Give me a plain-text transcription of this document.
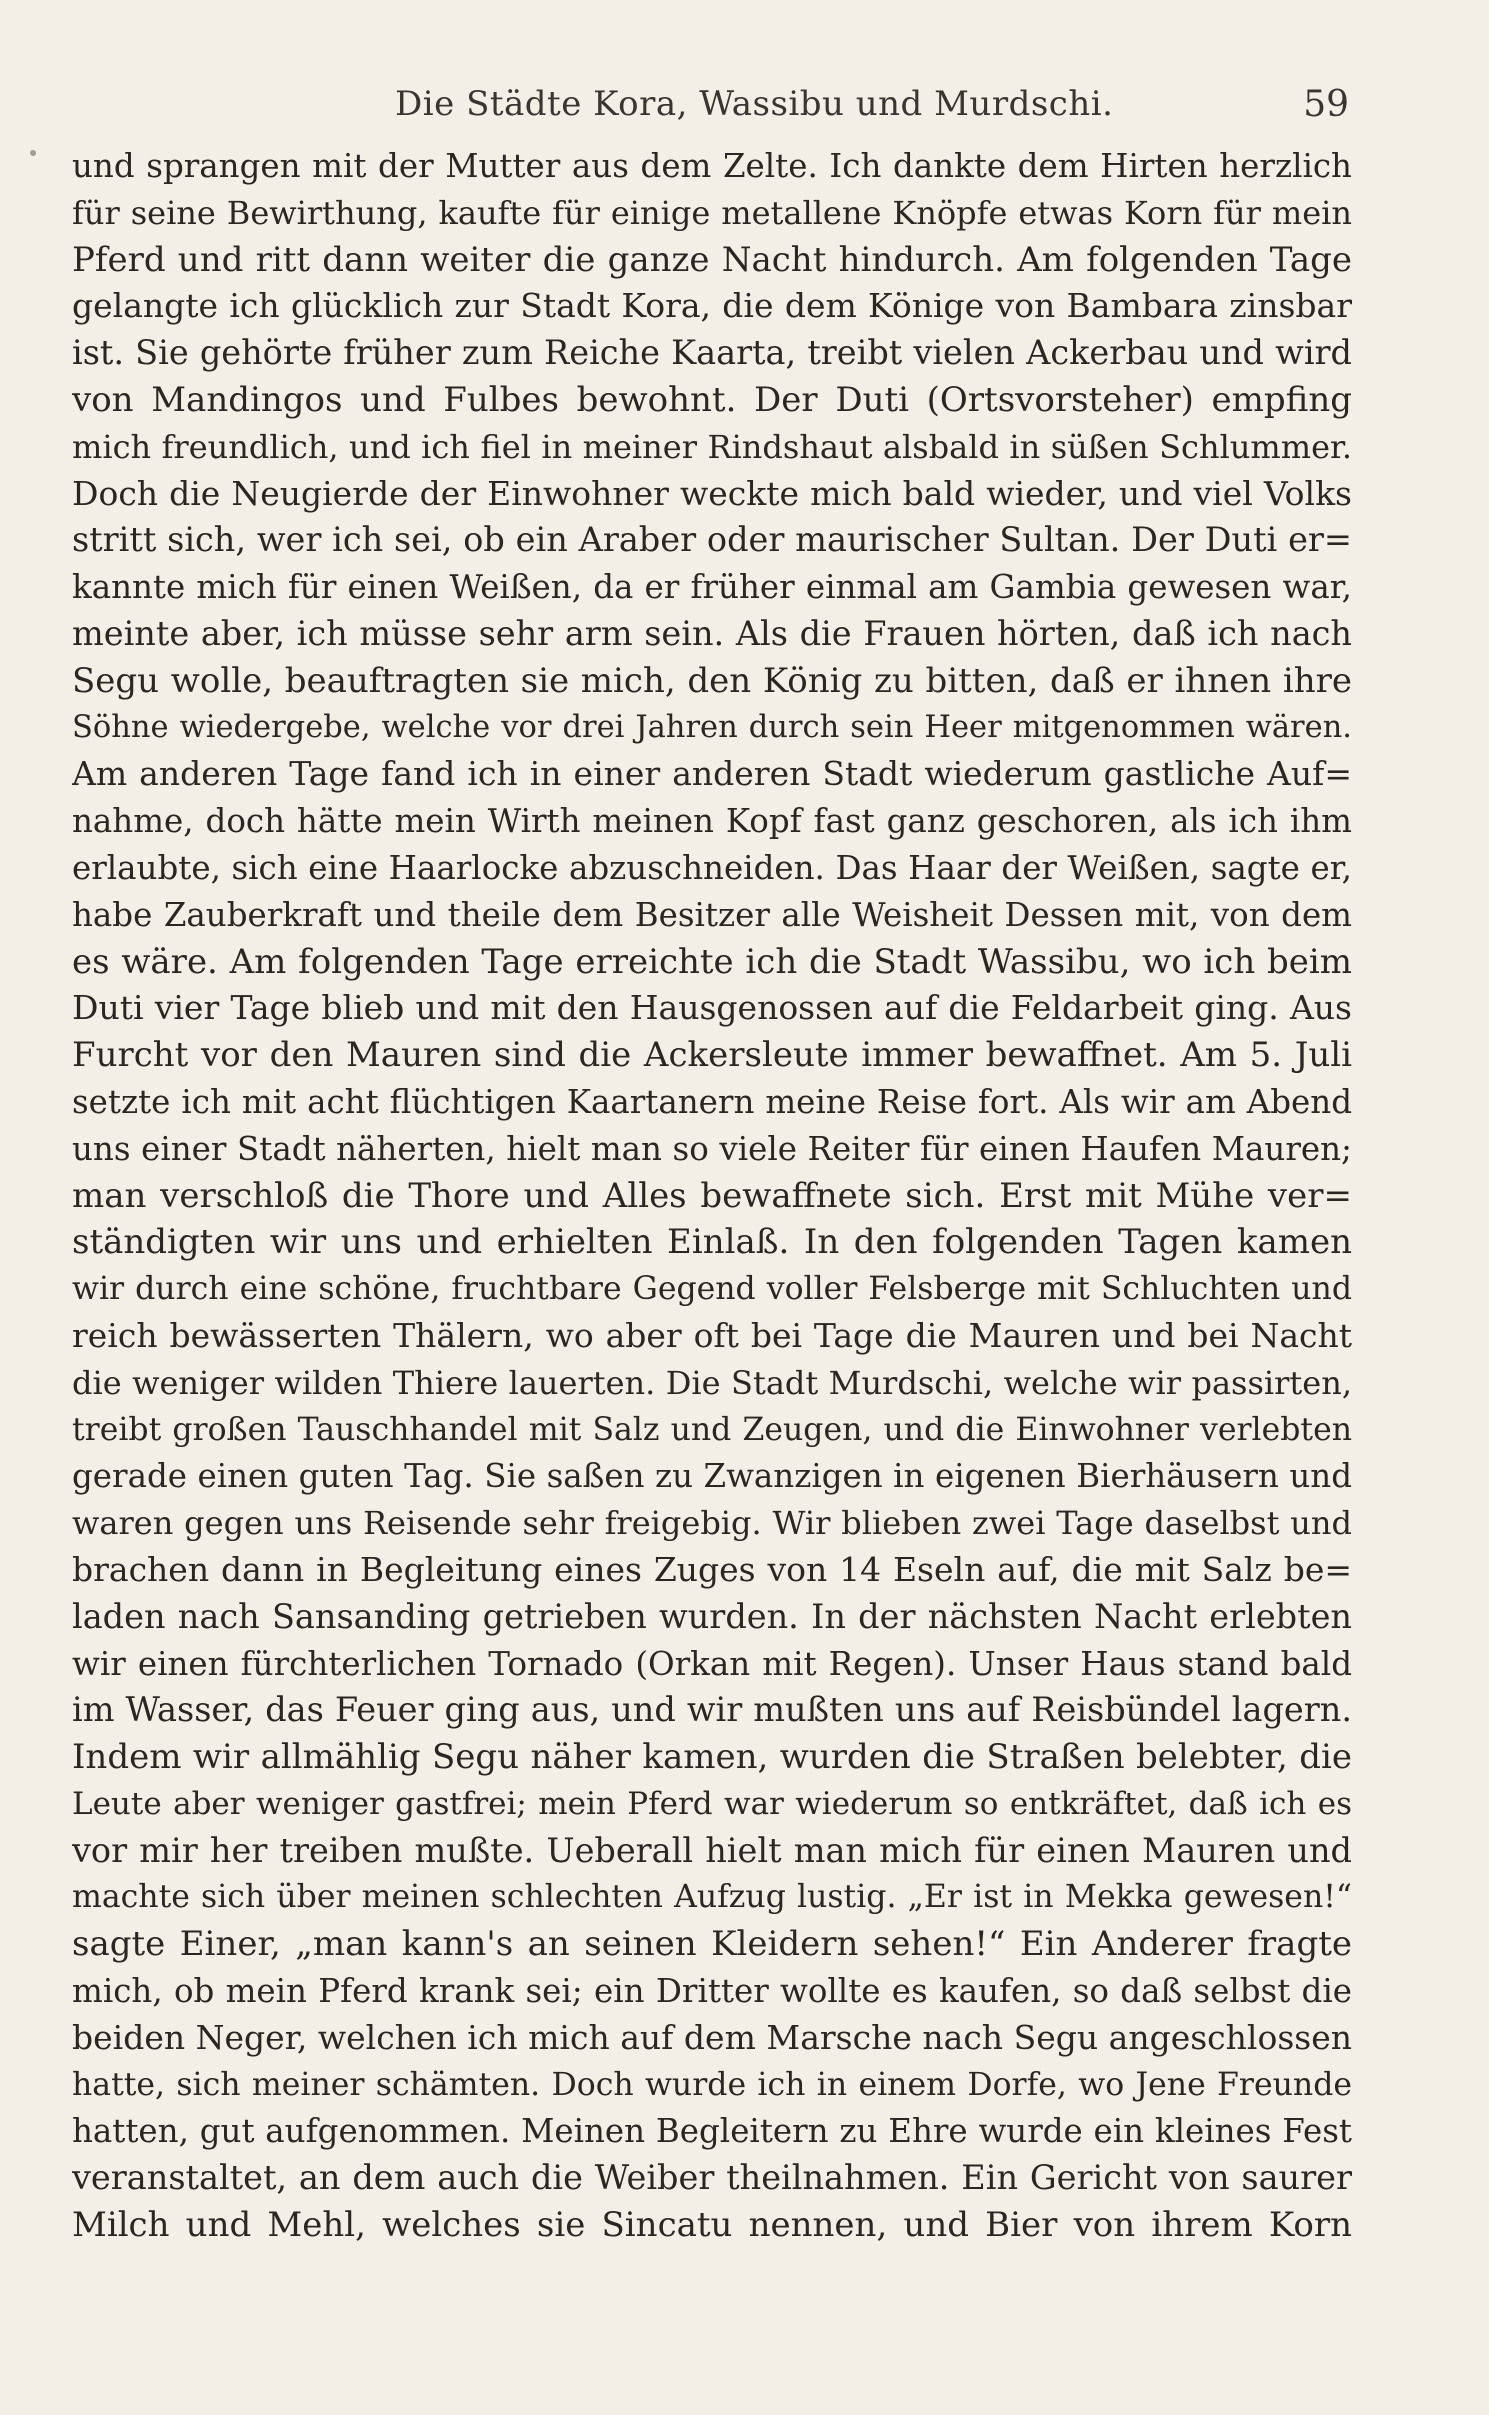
Die Städte Kora, Wassibu und Murdschi.	59
und sprangen mit der Mutter aus dem Zelte. Ich dankte dem Hirten herzlich
für seine Bewirthung, kaufte für einige metallene Knöpfe etwas Korn für mein
Pferd und ritt dann weiter die ganze Nacht hindurch. Am folgenden Tage
gelangte ich glücklich zur Stadt Kora, die dem Könige von Bambara zinsbar
ist. Sie gehörte früher zum Reiche Kaarta, treibt vielen Ackerbau und wird
von Mandingos und Fulbes bewohnt. Der Duti (Ortsvorsteher) empfing
mich freundlich, und ich fiel in meiner Rindshaut alsbald in süßen Schlummer.
Doch die Neugierde der Einwohner weckte mich bald wieder, und viel Volks
stritt sich, wer ich sei, ob ein Araber oder maurischer Sultan. Der Duti er=
kannte mich für einen Weißen, da er früher einmal am Gambia gewesen war,
meinte aber, ich müsse sehr arm sein. Als die Frauen hörten, daß ich nach
Segu wolle, beauftragten sie mich, den König zu bitten, daß er ihnen ihre
Söhne wiedergebe, welche vor drei Jahren durch sein Heer mitgenommen wären.
Am anderen Tage fand ich in einer anderen Stadt wiederum gastliche Auf=
nahme, doch hätte mein Wirth meinen Kopf fast ganz geschoren, als ich ihm
erlaubte, sich eine Haarlocke abzuschneiden. Das Haar der Weißen, sagte er,
habe Zauberkraft und theile dem Besitzer alle Weisheit Dessen mit, von dem
es wäre. Am folgenden Tage erreichte ich die Stadt Wassibu, wo ich beim
Duti vier Tage blieb und mit den Hausgenossen auf die Feldarbeit ging. Aus
Furcht vor den Mauren sind die Ackersleute immer bewaffnet. Am 5. Juli
setzte ich mit acht flüchtigen Kaartanern meine Reise fort. Als wir am Abend
uns einer Stadt näherten, hielt man so viele Reiter für einen Haufen Mauren;
man verschloß die Thore und Alles bewaffnete sich. Erst mit Mühe ver=
ständigten wir uns und erhielten Einlaß. In den folgenden Tagen kamen
wir durch eine schöne, fruchtbare Gegend voller Felsberge mit Schluchten und
reich bewässerten Thälern, wo aber oft bei Tage die Mauren und bei Nacht
die weniger wilden Thiere lauerten. Die Stadt Murdschi, welche wir passirten,
treibt großen Tauschhandel mit Salz und Zeugen, und die Einwohner verlebten
gerade einen guten Tag. Sie saßen zu Zwanzigen in eigenen Bierhäusern und
waren gegen uns Reisende sehr freigebig. Wir blieben zwei Tage daselbst und
brachen dann in Begleitung eines Zuges von 14 Eseln auf, die mit Salz be=
laden nach Sansanding getrieben wurden. In der nächsten Nacht erlebten
wir einen fürchterlichen Tornado (Orkan mit Regen). Unser Haus stand bald
im Wasser, das Feuer ging aus, und wir mußten uns auf Reisbündel lagern.
Indem wir allmählig Segu näher kamen, wurden die Straßen belebter, die
Leute aber weniger gastfrei; mein Pferd war wiederum so entkräftet, daß ich es
vor mir her treiben mußte. Ueberall hielt man mich für einen Mauren und
machte sich über meinen schlechten Aufzug lustig. „Er ist in Mekka gewesen!“
sagte Einer, „man kann's an seinen Kleidern sehen!“ Ein Anderer fragte
mich, ob mein Pferd krank sei; ein Dritter wollte es kaufen, so daß selbst die
beiden Neger, welchen ich mich auf dem Marsche nach Segu angeschlossen
hatte, sich meiner schämten. Doch wurde ich in einem Dorfe, wo Jene Freunde
hatten, gut aufgenommen. Meinen Begleitern zu Ehre wurde ein kleines Fest
veranstaltet, an dem auch die Weiber theilnahmen. Ein Gericht von saurer
Milch und Mehl, welches sie Sincatu nennen, und Bier von ihrem Korn
